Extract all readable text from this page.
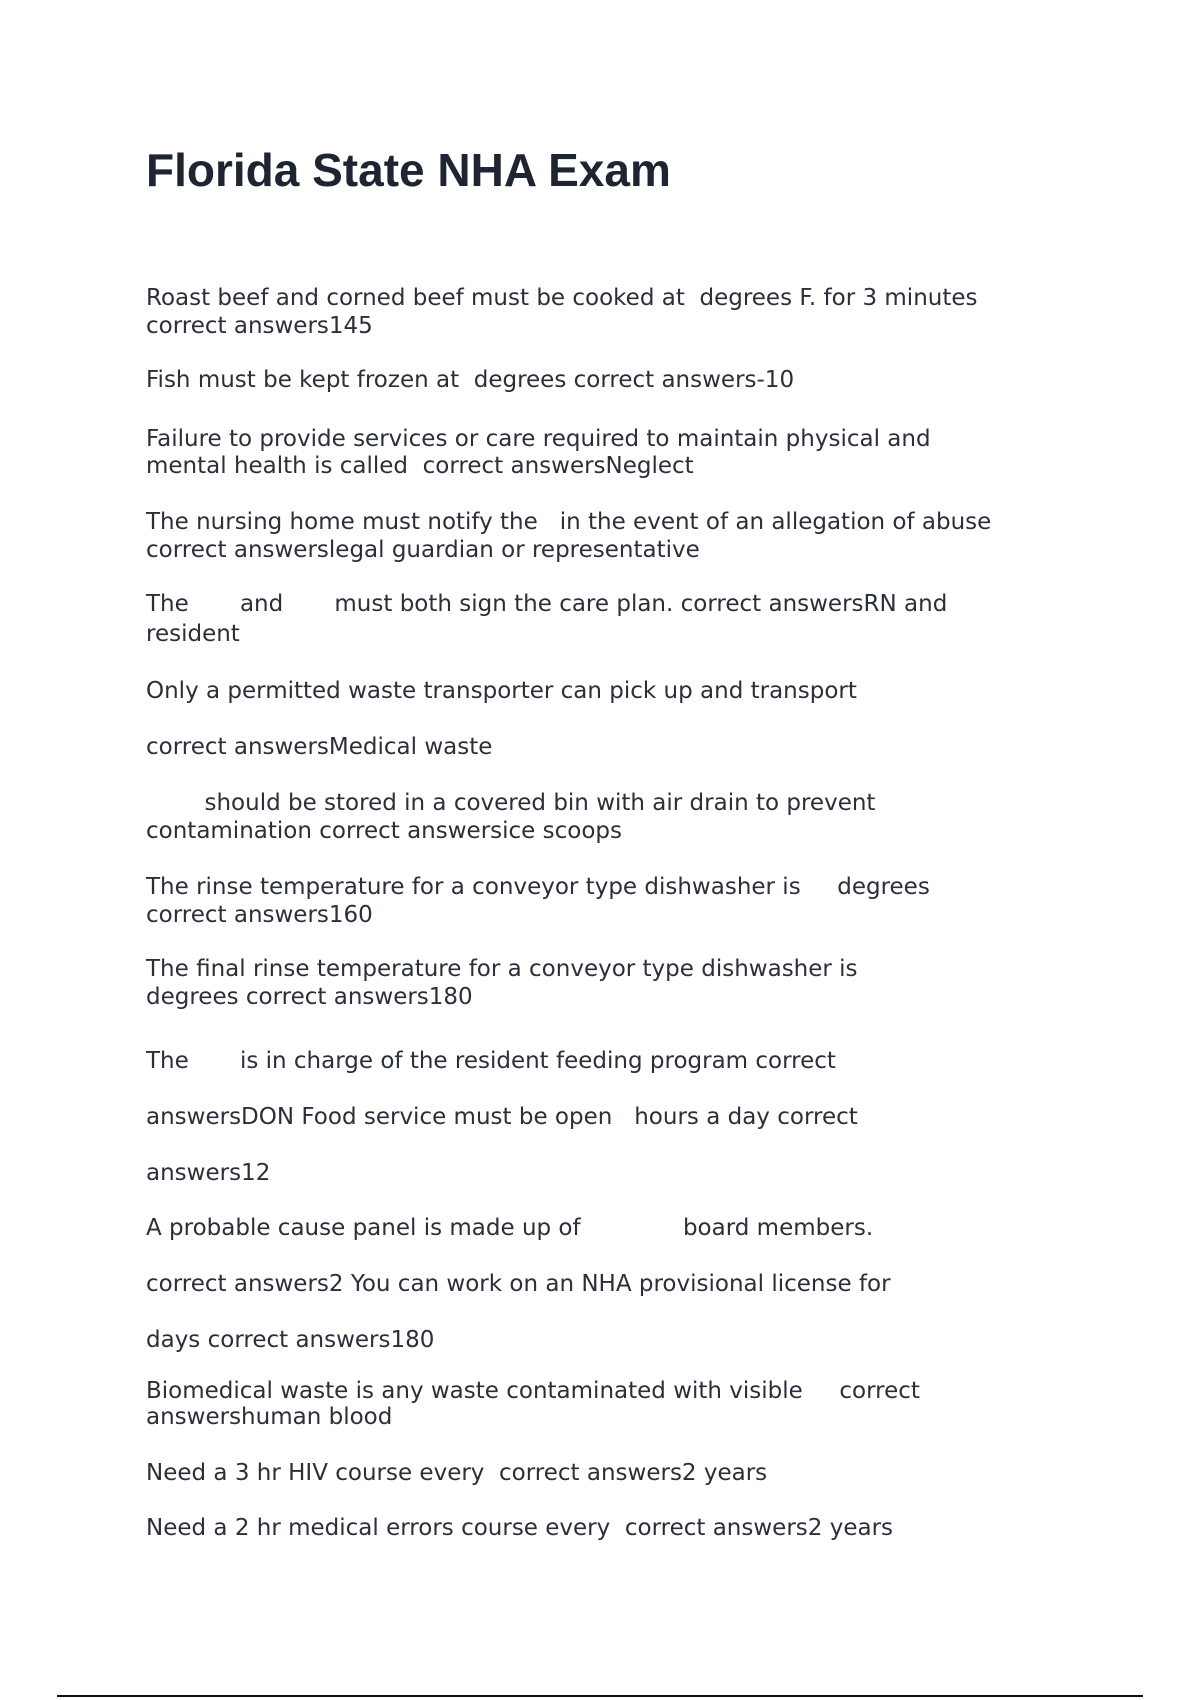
Florida State NHA Exam
Roast beef and corned beef must be cooked at  degrees F. for 3 minutes
correct answers145
Fish must be kept frozen at  degrees correct answers-10
Failure to provide services or care required to maintain physical and
mental health is called  correct answersNeglect
The nursing home must notify the   in the event of an allegation of abuse
correct answerslegal guardian or representative
The       and       must both sign the care plan. correct answersRN and
resident
Only a permitted waste transporter can pick up and transport
correct answersMedical waste
should be stored in a covered bin with air drain to prevent
contamination correct answersice scoops
The rinse temperature for a conveyor type dishwasher is     degrees
correct answers160
The final rinse temperature for a conveyor type dishwasher is
degrees correct answers180
The       is in charge of the resident feeding program correct
answersDON Food service must be open   hours a day correct
answers12
A probable cause panel is made up of              board members.
correct answers2 You can work on an NHA provisional license for
days correct answers180
Biomedical waste is any waste contaminated with visible     correct
answershuman blood
Need a 3 hr HIV course every  correct answers2 years
Need a 2 hr medical errors course every  correct answers2 years
